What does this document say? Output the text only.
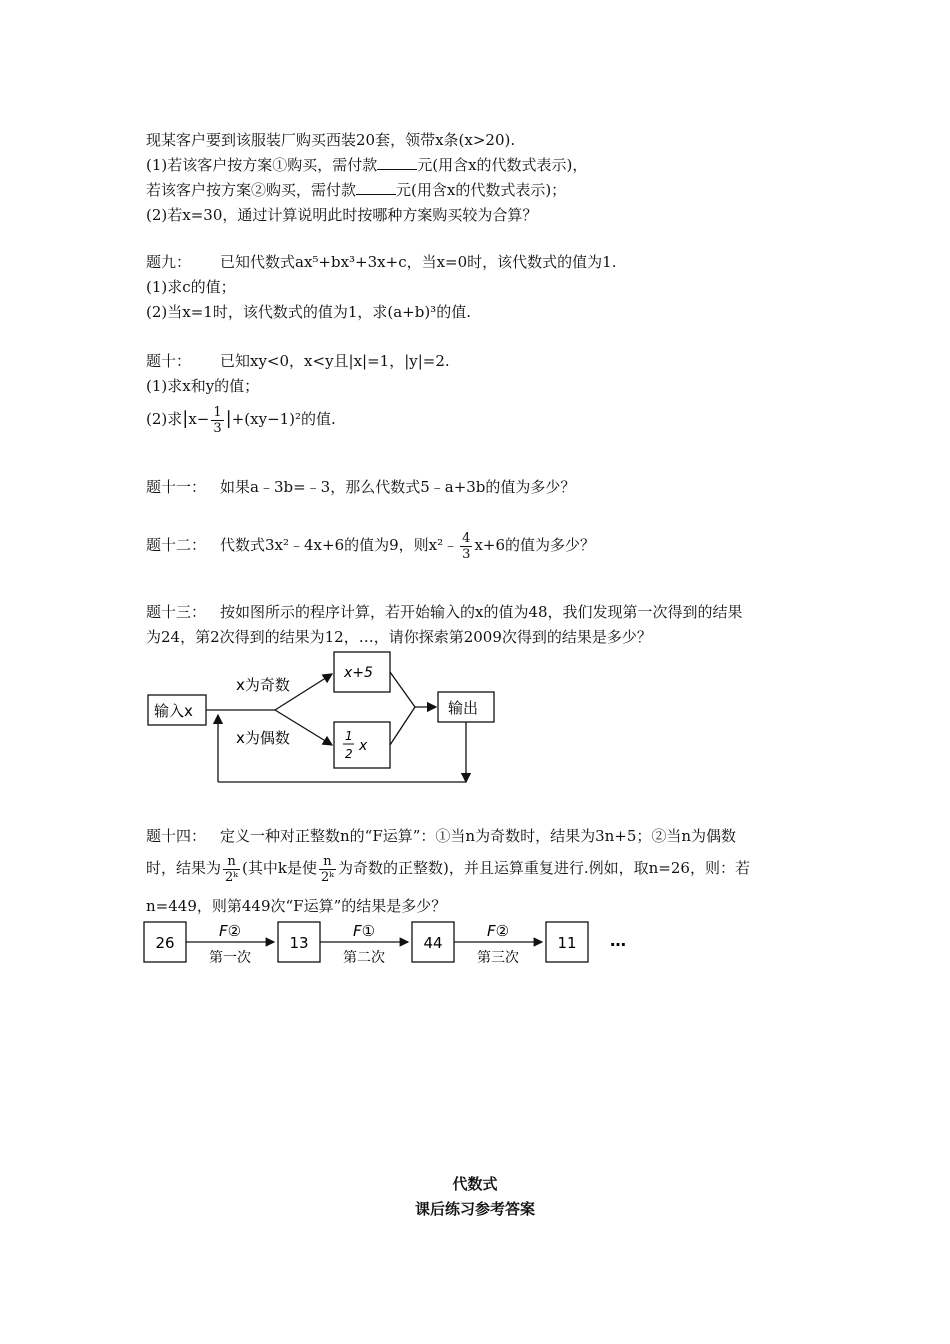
现某客户要到该服装厂购买西装20套，领带x条(x>20).
(1)若该客户按方案①购买，需付款	元(用含x的代数式表示)，
若该客户按方案②购买，需付款	元(用含x的代数式表示)；
(2)若x=30，通过计算说明此时按哪种方案购买较为合算？
题九： 已知代数式ax⁵+bx³+3x+c，当x=0时，该代数式的值为1.
(1)求c的值；
(2)当x=1时，该代数式的值为1，求(a+b)³的值.
题十： 已知xy<0，x<y且|x|=1，|y|=2.
(1)求x和y的值；
(2)求$|x- \frac{1}{3} |+(xy-1)^2$的值.
题十一： 如果a﹣3b=﹣3，那么代数式5﹣a+3b的值为多少？
题十二： 代数式3x²﹣4x+6的值为9，则x²﹣ $\frac{4}{3} x+6$的值为多少？
题十三： 按如图所示的程序计算，若开始输入的x的值为48，我们发现第一次得到的结果
为24，第2次得到的结果为12，…，请你探索第2009次得到的结果是多少？
输入x
x为奇数
x为偶数
x+5
1
2 x
输出
题十四： 定义一种对正整数n的“F运算”：①当n为奇数时，结果为3n+5；②当n为偶数
时，结果为 $\frac{n}{\text{2ᵏ}}$ (其中k是使 $\frac{n}{\text{2ᵏ}}$ 为奇数的正整数)，并且运算重复进行.例如，取n=26，则：若
n=449，则第449次“F运算”的结果是多少？
26
F②
第一次
13
F①
第二次
44
F②
第三次
11 …
代数式
课后练习参考答案
